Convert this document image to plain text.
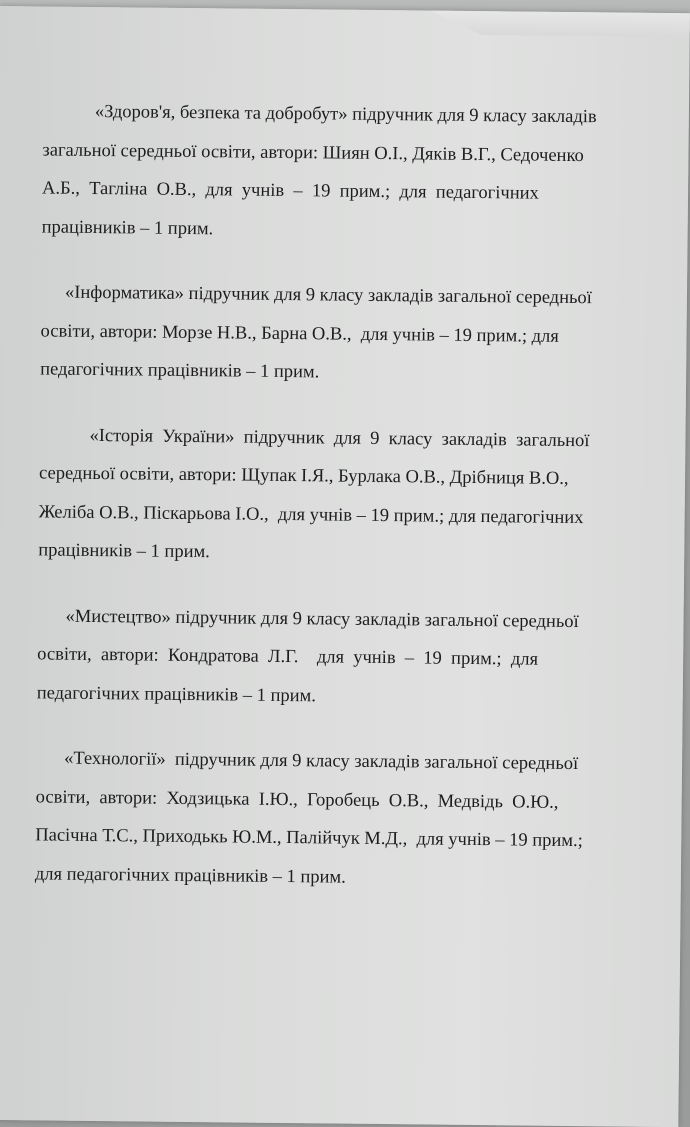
«Здоров'я, безпека та добробут» підручник для 9 класу закладів
загальної середньої освіти, автори: Шиян О.І., Дяків В.Г., Седоченко
А.Б.,  Таглiна  О.В.,  для  учнів  –  19  прим.;  для  педагогічних
працiвникiв – 1 прим.
«Інформатика» підручник для 9 класу закладів загальної середньої
освіти, автори: Морзе Н.В., Барна О.В.,  для учнів – 19 прим.; для
педагогічних працівників – 1 прим.
«Історія  України»  підручник  для  9  класу  закладів  загальної
середньої освіти, автори: Щупак І.Я., Бурлака О.В., Дрібниця В.О.,
Желіба О.В., Піскарьова І.О.,  для учнів – 19 прим.; для педагогічних
працівників – 1 прим.
«Мистецтво» підручник для 9 класу закладів загальної середньої
освіти,  автори:  Кондратова  Л.Г.    для  учнів  –  19  прим.;  для
педагогічних працівників – 1 прим.
«Технології»  підручник для 9 класу закладів загальної середньої
освіти,  автори:  Ходзицька  І.Ю.,  Горобець  О.В.,  Медвідь  О.Ю.,
Пасічна Т.С., Приходькь Ю.М., Палійчук М.Д.,  для учнів – 19 прим.;
для педагогічних працівників – 1 прим.
